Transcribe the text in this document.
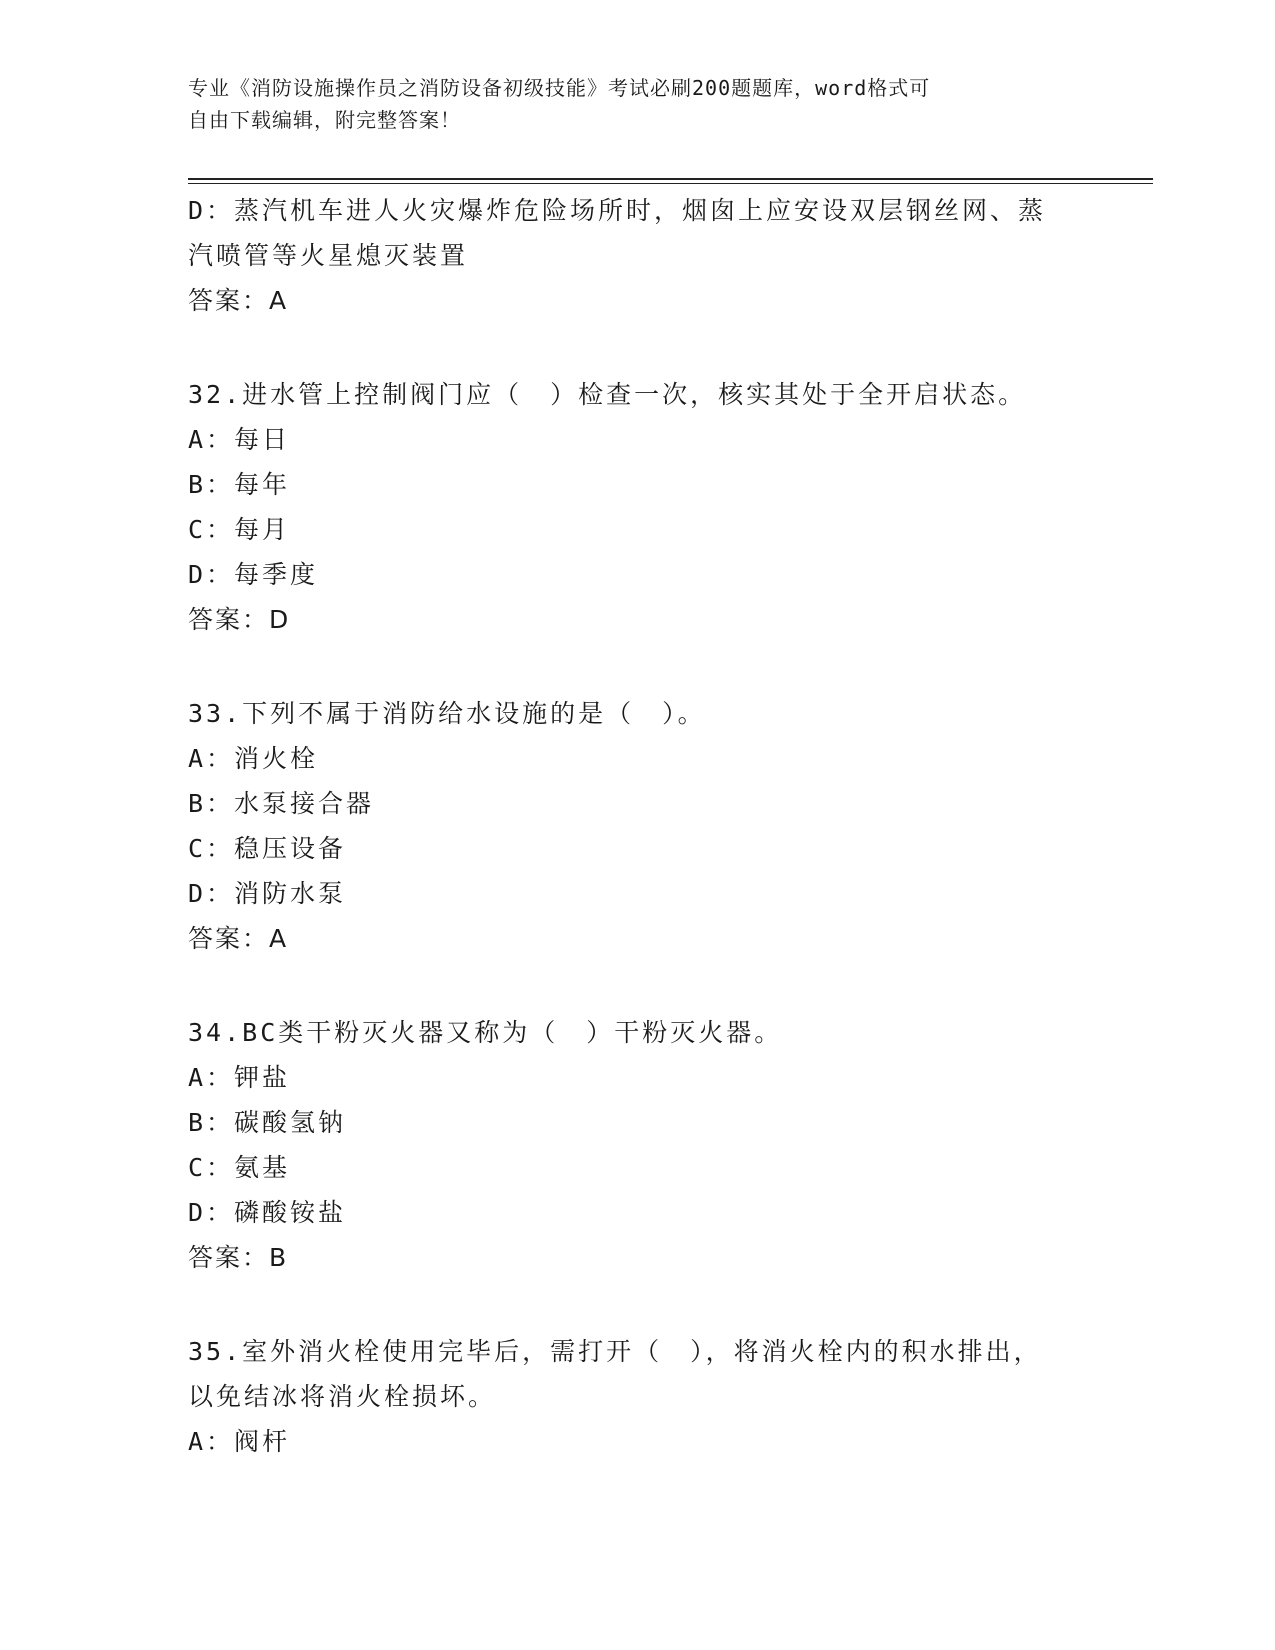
专业《消防设施操作员之消防设备初级技能》考试必刷200题题库，word格式可
自由下载编辑，附完整答案！
D：蒸汽机车进人火灾爆炸危险场所时，烟囱上应安设双层钢丝网、蒸
汽喷管等火星熄灭装置
答案：A
32.进水管上控制阀门应（　）检查一次，核实其处于全开启状态。
A：每日
B：每年
C：每月
D：每季度
答案：D
33.下列不属于消防给水设施的是（　）。
A：消火栓
B：水泵接合器
C：稳压设备
D：消防水泵
答案：A
34.BC类干粉灭火器又称为（　）干粉灭火器。
A：钾盐
B：碳酸氢钠
C：氨基
D：磷酸铵盐
答案：B
35.室外消火栓使用完毕后，需打开（　），将消火栓内的积水排出，
以免结冰将消火栓损坏。
A：阀杆
